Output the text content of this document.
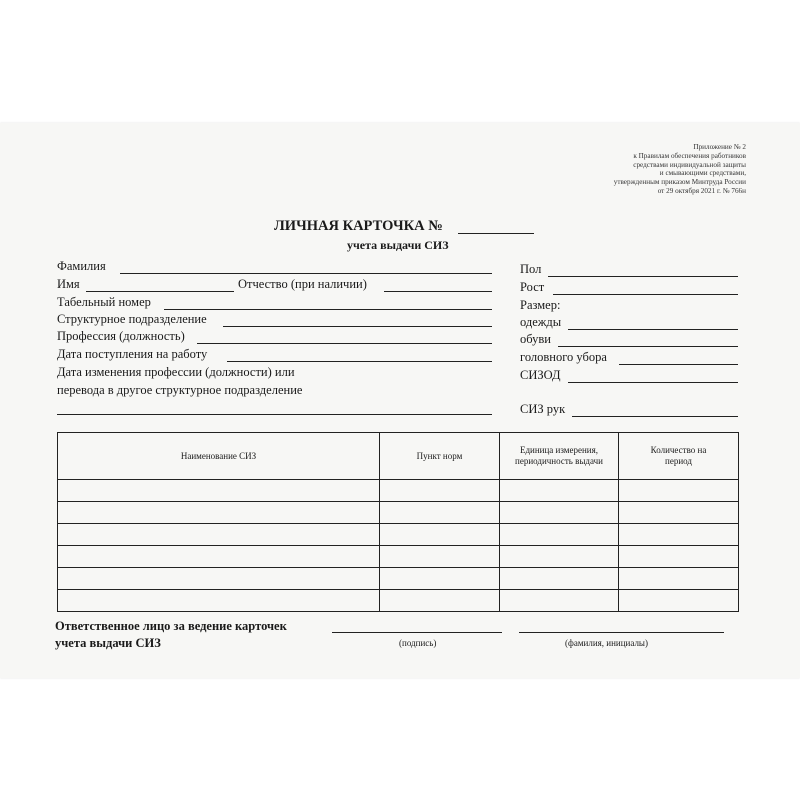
Приложение № 2
к Правилам обеспечения работников
средствами индивидуальной защиты
и смывающими средствами,
утвержденным приказом Минтруда России
от 29 октября 2021 г. № 766н
ЛИЧНАЯ КАРТОЧКА №
учета выдачи СИЗ
Фамилия
Имя	Отчество (при наличии)
Табельный номер
Структурное подразделение
Профессия (должность)
Дата поступления на работу
Дата изменения профессии (должности) или
перевода в другое структурное подразделение
Пол
Рост
Размер:
одежды
обуви
головного убора
СИЗОД
СИЗ рук
Наименование СИЗ	Пункт норм	Единица измерения, периодичность выдачи	Количество на период

Ответственное лицо за ведение карточек
учета выдачи СИЗ	(подпись)	(фамилия, инициалы)
